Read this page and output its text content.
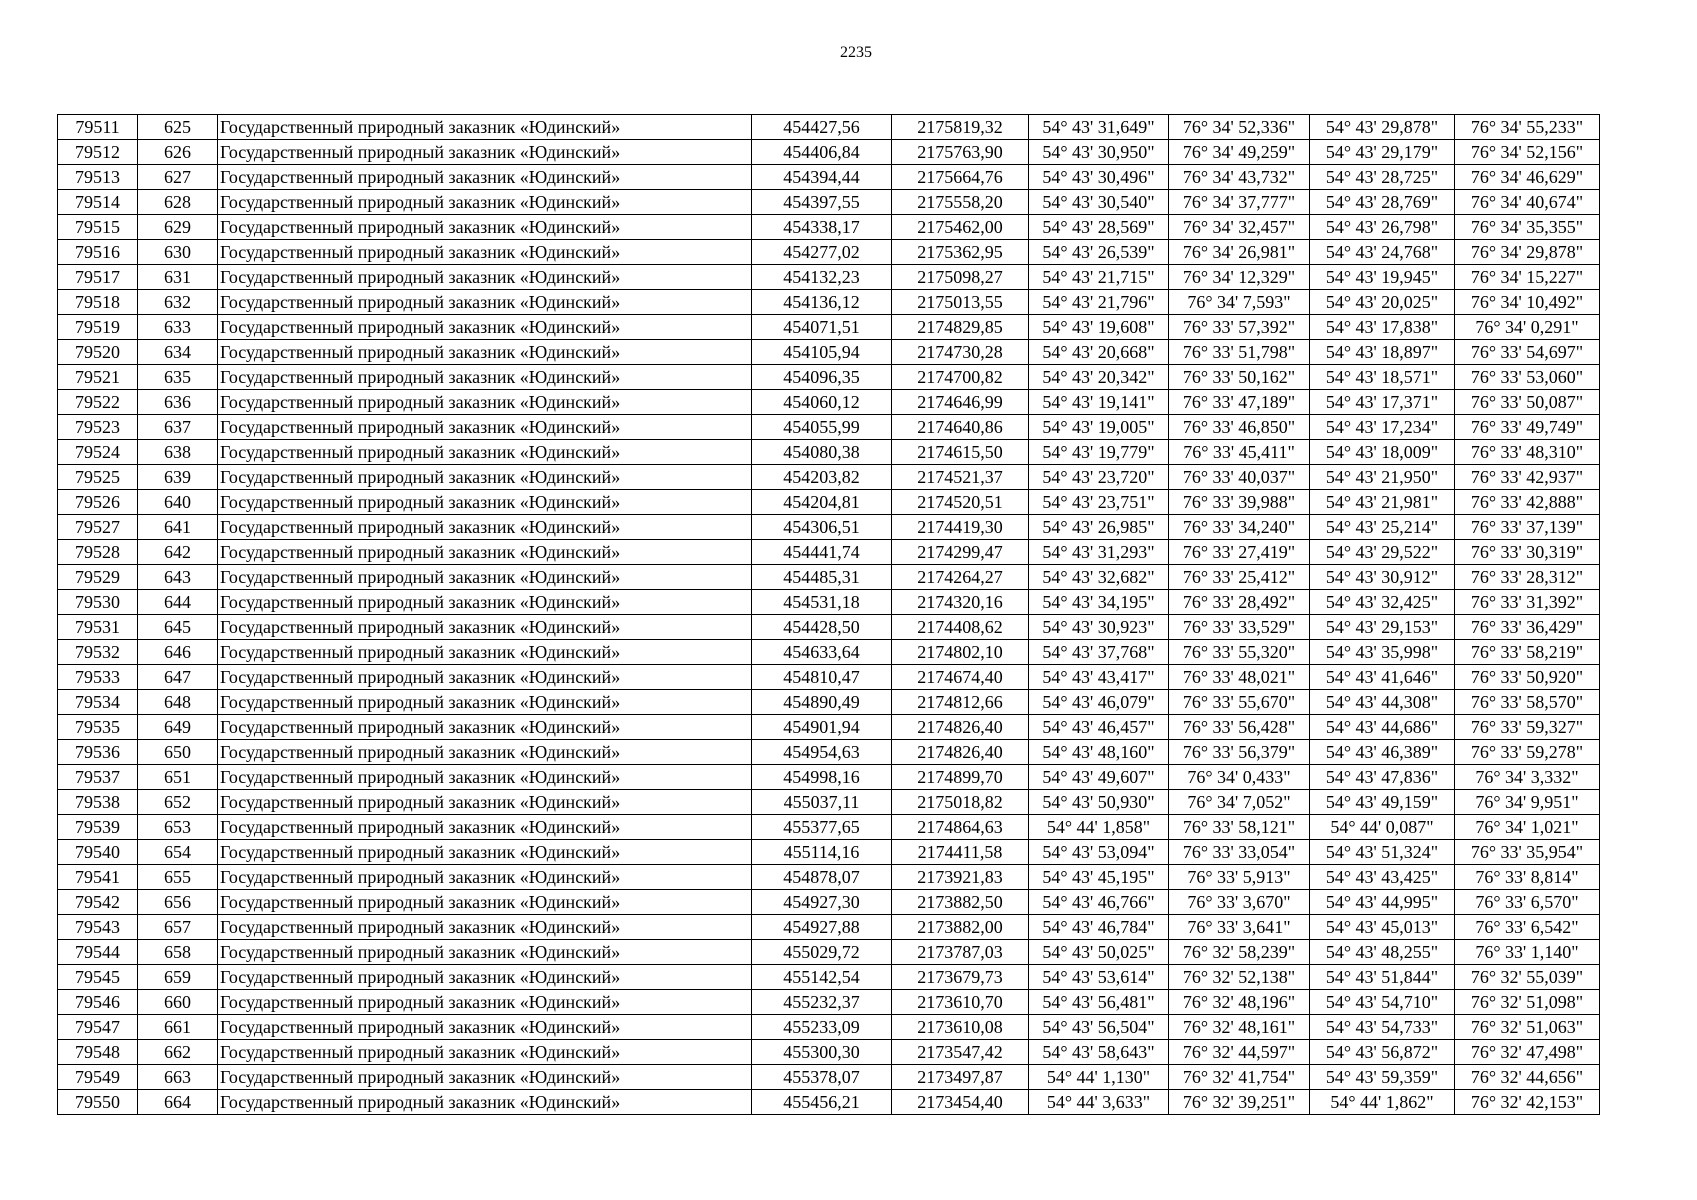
2235
79511	625	Государственный природный заказник «Юдинский»	454427,56	2175819,32	54° 43' 31,649"	76° 34' 52,336"	54° 43' 29,878"	76° 34' 55,233"
79512	626	Государственный природный заказник «Юдинский»	454406,84	2175763,90	54° 43' 30,950"	76° 34' 49,259"	54° 43' 29,179"	76° 34' 52,156"
79513	627	Государственный природный заказник «Юдинский»	454394,44	2175664,76	54° 43' 30,496"	76° 34' 43,732"	54° 43' 28,725"	76° 34' 46,629"
79514	628	Государственный природный заказник «Юдинский»	454397,55	2175558,20	54° 43' 30,540"	76° 34' 37,777"	54° 43' 28,769"	76° 34' 40,674"
79515	629	Государственный природный заказник «Юдинский»	454338,17	2175462,00	54° 43' 28,569"	76° 34' 32,457"	54° 43' 26,798"	76° 34' 35,355"
79516	630	Государственный природный заказник «Юдинский»	454277,02	2175362,95	54° 43' 26,539"	76° 34' 26,981"	54° 43' 24,768"	76° 34' 29,878"
79517	631	Государственный природный заказник «Юдинский»	454132,23	2175098,27	54° 43' 21,715"	76° 34' 12,329"	54° 43' 19,945"	76° 34' 15,227"
79518	632	Государственный природный заказник «Юдинский»	454136,12	2175013,55	54° 43' 21,796"	76° 34' 7,593"	54° 43' 20,025"	76° 34' 10,492"
79519	633	Государственный природный заказник «Юдинский»	454071,51	2174829,85	54° 43' 19,608"	76° 33' 57,392"	54° 43' 17,838"	76° 34' 0,291"
79520	634	Государственный природный заказник «Юдинский»	454105,94	2174730,28	54° 43' 20,668"	76° 33' 51,798"	54° 43' 18,897"	76° 33' 54,697"
79521	635	Государственный природный заказник «Юдинский»	454096,35	2174700,82	54° 43' 20,342"	76° 33' 50,162"	54° 43' 18,571"	76° 33' 53,060"
79522	636	Государственный природный заказник «Юдинский»	454060,12	2174646,99	54° 43' 19,141"	76° 33' 47,189"	54° 43' 17,371"	76° 33' 50,087"
79523	637	Государственный природный заказник «Юдинский»	454055,99	2174640,86	54° 43' 19,005"	76° 33' 46,850"	54° 43' 17,234"	76° 33' 49,749"
79524	638	Государственный природный заказник «Юдинский»	454080,38	2174615,50	54° 43' 19,779"	76° 33' 45,411"	54° 43' 18,009"	76° 33' 48,310"
79525	639	Государственный природный заказник «Юдинский»	454203,82	2174521,37	54° 43' 23,720"	76° 33' 40,037"	54° 43' 21,950"	76° 33' 42,937"
79526	640	Государственный природный заказник «Юдинский»	454204,81	2174520,51	54° 43' 23,751"	76° 33' 39,988"	54° 43' 21,981"	76° 33' 42,888"
79527	641	Государственный природный заказник «Юдинский»	454306,51	2174419,30	54° 43' 26,985"	76° 33' 34,240"	54° 43' 25,214"	76° 33' 37,139"
79528	642	Государственный природный заказник «Юдинский»	454441,74	2174299,47	54° 43' 31,293"	76° 33' 27,419"	54° 43' 29,522"	76° 33' 30,319"
79529	643	Государственный природный заказник «Юдинский»	454485,31	2174264,27	54° 43' 32,682"	76° 33' 25,412"	54° 43' 30,912"	76° 33' 28,312"
79530	644	Государственный природный заказник «Юдинский»	454531,18	2174320,16	54° 43' 34,195"	76° 33' 28,492"	54° 43' 32,425"	76° 33' 31,392"
79531	645	Государственный природный заказник «Юдинский»	454428,50	2174408,62	54° 43' 30,923"	76° 33' 33,529"	54° 43' 29,153"	76° 33' 36,429"
79532	646	Государственный природный заказник «Юдинский»	454633,64	2174802,10	54° 43' 37,768"	76° 33' 55,320"	54° 43' 35,998"	76° 33' 58,219"
79533	647	Государственный природный заказник «Юдинский»	454810,47	2174674,40	54° 43' 43,417"	76° 33' 48,021"	54° 43' 41,646"	76° 33' 50,920"
79534	648	Государственный природный заказник «Юдинский»	454890,49	2174812,66	54° 43' 46,079"	76° 33' 55,670"	54° 43' 44,308"	76° 33' 58,570"
79535	649	Государственный природный заказник «Юдинский»	454901,94	2174826,40	54° 43' 46,457"	76° 33' 56,428"	54° 43' 44,686"	76° 33' 59,327"
79536	650	Государственный природный заказник «Юдинский»	454954,63	2174826,40	54° 43' 48,160"	76° 33' 56,379"	54° 43' 46,389"	76° 33' 59,278"
79537	651	Государственный природный заказник «Юдинский»	454998,16	2174899,70	54° 43' 49,607"	76° 34' 0,433"	54° 43' 47,836"	76° 34' 3,332"
79538	652	Государственный природный заказник «Юдинский»	455037,11	2175018,82	54° 43' 50,930"	76° 34' 7,052"	54° 43' 49,159"	76° 34' 9,951"
79539	653	Государственный природный заказник «Юдинский»	455377,65	2174864,63	54° 44' 1,858"	76° 33' 58,121"	54° 44' 0,087"	76° 34' 1,021"
79540	654	Государственный природный заказник «Юдинский»	455114,16	2174411,58	54° 43' 53,094"	76° 33' 33,054"	54° 43' 51,324"	76° 33' 35,954"
79541	655	Государственный природный заказник «Юдинский»	454878,07	2173921,83	54° 43' 45,195"	76° 33' 5,913"	54° 43' 43,425"	76° 33' 8,814"
79542	656	Государственный природный заказник «Юдинский»	454927,30	2173882,50	54° 43' 46,766"	76° 33' 3,670"	54° 43' 44,995"	76° 33' 6,570"
79543	657	Государственный природный заказник «Юдинский»	454927,88	2173882,00	54° 43' 46,784"	76° 33' 3,641"	54° 43' 45,013"	76° 33' 6,542"
79544	658	Государственный природный заказник «Юдинский»	455029,72	2173787,03	54° 43' 50,025"	76° 32' 58,239"	54° 43' 48,255"	76° 33' 1,140"
79545	659	Государственный природный заказник «Юдинский»	455142,54	2173679,73	54° 43' 53,614"	76° 32' 52,138"	54° 43' 51,844"	76° 32' 55,039"
79546	660	Государственный природный заказник «Юдинский»	455232,37	2173610,70	54° 43' 56,481"	76° 32' 48,196"	54° 43' 54,710"	76° 32' 51,098"
79547	661	Государственный природный заказник «Юдинский»	455233,09	2173610,08	54° 43' 56,504"	76° 32' 48,161"	54° 43' 54,733"	76° 32' 51,063"
79548	662	Государственный природный заказник «Юдинский»	455300,30	2173547,42	54° 43' 58,643"	76° 32' 44,597"	54° 43' 56,872"	76° 32' 47,498"
79549	663	Государственный природный заказник «Юдинский»	455378,07	2173497,87	54° 44' 1,130"	76° 32' 41,754"	54° 43' 59,359"	76° 32' 44,656"
79550	664	Государственный природный заказник «Юдинский»	455456,21	2173454,40	54° 44' 3,633"	76° 32' 39,251"	54° 44' 1,862"	76° 32' 42,153"
